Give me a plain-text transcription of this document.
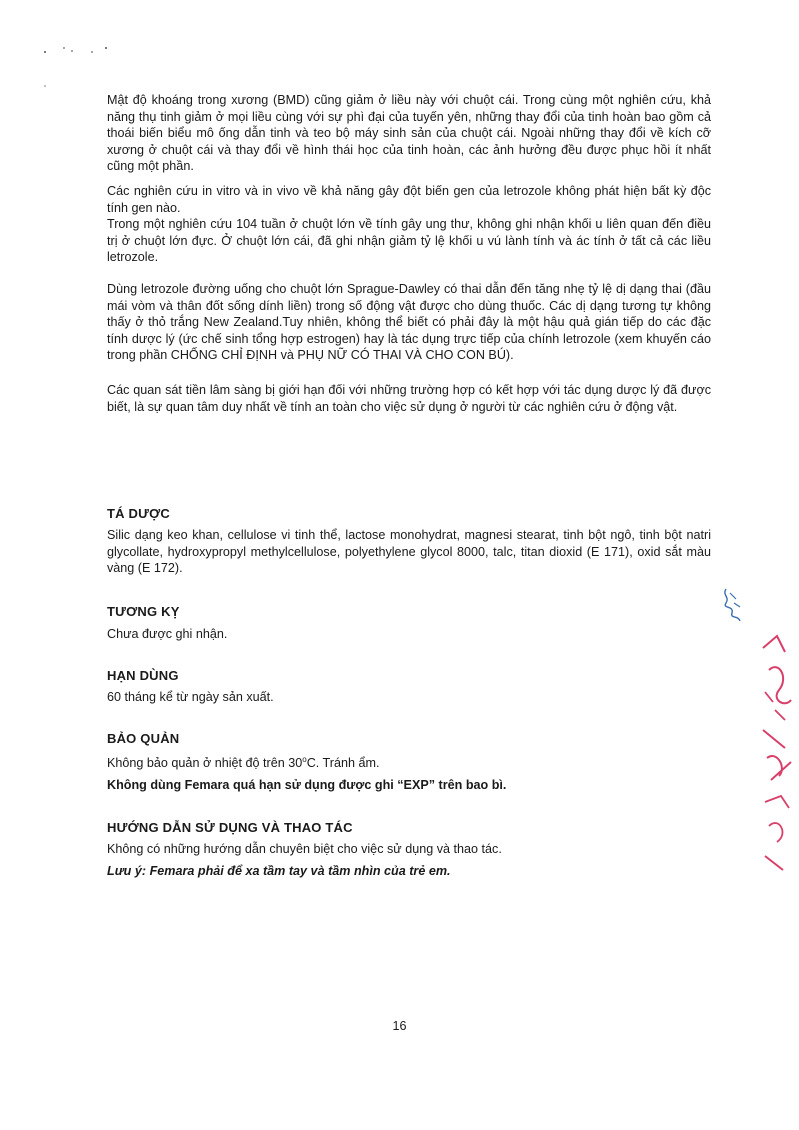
Mật độ khoáng trong xương (BMD) cũng giảm ở liều này với chuột cái. Trong cùng một nghiên cứu, khả năng thụ tinh giảm ở mọi liều cùng với sự phì đại của tuyến yên, những thay đổi của tinh hoàn bao gồm cả thoái biến biểu mô ống dẫn tinh và teo bộ máy sinh sản của chuột cái. Ngoài những thay đổi về kích cỡ xương ở chuột cái và thay đổi về hình thái học của tinh hoàn, các ảnh hưởng đều được phục hồi ít nhất cũng một phần.

Các nghiên cứu in vitro và in vivo về khả năng gây đột biến gen của letrozole không phát hiện bất kỳ độc tính gen nào.

Trong một nghiên cứu 104 tuần ở chuột lớn về tính gây ung thư, không ghi nhận khối u liên quan đến điều trị ở chuột lớn đực. Ở chuột lớn cái, đã ghi nhận giảm tỷ lệ khối u vú lành tính và ác tính ở tất cả các liều letrozole.

Dùng letrozole đường uống cho chuột lớn Sprague-Dawley có thai dẫn đến tăng nhẹ tỷ lệ dị dạng thai (đầu mái vòm và thân đốt sống dính liền) trong số động vật được cho dùng thuốc. Các dị dạng tương tự không thấy ở thỏ trắng New Zealand.Tuy nhiên, không thể biết có phải đây là một hậu quả gián tiếp do các đặc tính dược lý (ức chế sinh tổng hợp estrogen) hay là tác dụng trực tiếp của chính letrozole (xem khuyến cáo trong phần CHỐNG CHỈ ĐỊNH và PHỤ NỮ CÓ THAI VÀ CHO CON BÚ).

Các quan sát tiền lâm sàng bị giới hạn đối với những trường hợp có kết hợp với tác dụng dược lý đã được biết, là sự quan tâm duy nhất về tính an toàn cho việc sử dụng ở người từ các nghiên cứu ở động vật.

TÁ DƯỢC

Silic dạng keo khan, cellulose vi tinh thể, lactose monohydrat, magnesi stearat, tinh bột ngô, tinh bột natri glycollate, hydroxypropyl methylcellulose, polyethylene glycol 8000, talc, titan dioxid (E 171), oxid sắt màu vàng (E 172).

TƯƠNG KỴ

Chưa được ghi nhận.

HẠN DÙNG

60 tháng kể từ ngày sản xuất.

BẢO QUẢN

Không bảo quản ở nhiệt độ trên 30$^o$C. Tránh ẩm.

Không dùng Femara quá hạn sử dụng được ghi “EXP” trên bao bì.

HƯỚNG DẪN SỬ DỤNG VÀ THAO TÁC

Không có những hướng dẫn chuyên biệt cho việc sử dụng và thao tác.

Lưu ý: Femara phải để xa tầm tay và tầm nhìn của trẻ em.

16
